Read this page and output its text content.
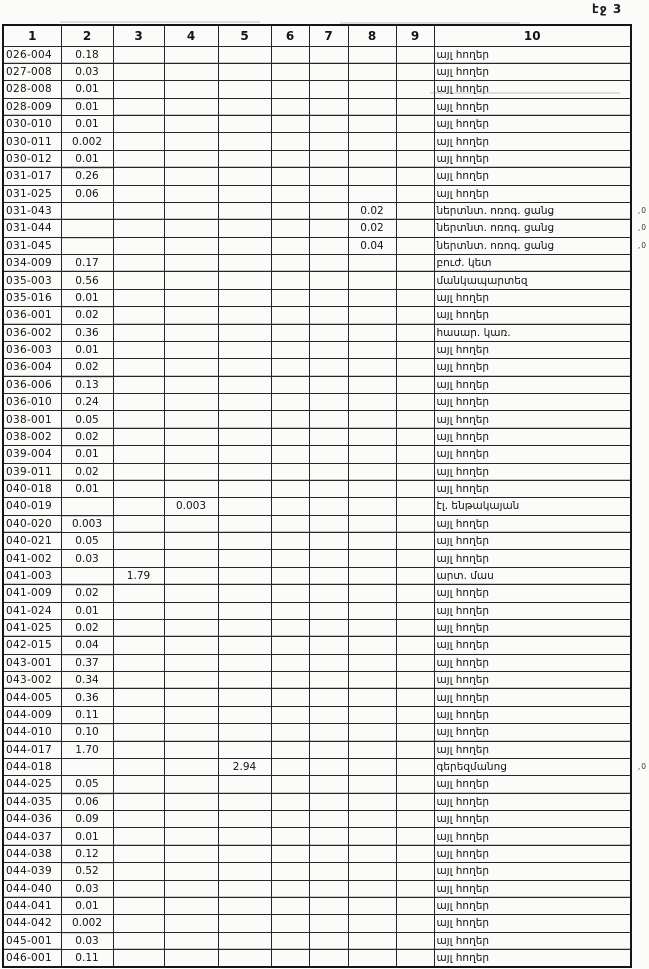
էջ 3
1	2	3	4	5	6	7	8	9	10
026-004	0.18								այլ հողեր
027-008	0.03								այլ հողեր
028-008	0.01								այլ հողեր
028-009	0.01								այլ հողեր
030-010	0.01								այլ հողեր
030-011	0.002								այլ հողեր
030-012	0.01								այլ հողեր
031-017	0.26								այլ հողեր
031-025	0.06								այլ հողեր
031-043							0.02		ներտնտ. ոռոգ. ցանց ,0

031-044							0.02		ներտնտ. ոռոգ. ցանց ,0

031-045							0.04		ներտնտ. ոռոգ. ցանց ,0

034-009	0.17								բուժ. կետ
035-003	0.56								մանկապարտեզ
035-016	0.01								այլ հողեր
036-001	0.02								այլ հողեր
036-002	0.36								հասար. կառ.
036-003	0.01								այլ հողեր
036-004	0.02								այլ հողեր
036-006	0.13								այլ հողեր
036-010	0.24								այլ հողեր
038-001	0.05								այլ հողեր
038-002	0.02								այլ հողեր
039-004	0.01								այլ հողեր
039-011	0.02								այլ հողեր
040-018	0.01								այլ հողեր
040-019			0.003						էլ. ենթակայան
040-020	0.003								այլ հողեր
040-021	0.05								այլ հողեր
041-002	0.03								այլ հողեր
041-003		1.79							արտ. մաս
041-009	0.02								այլ հողեր
041-024	0.01								այլ հողեր
041-025	0.02								այլ հողեր
042-015	0.04								այլ հողեր
043-001	0.37								այլ հողեր
043-002	0.34								այլ հողեր
044-005	0.36								այլ հողեր
044-009	0.11								այլ հողեր
044-010	0.10								այլ հողեր
044-017	1.70								այլ հողեր
044-018				2.94					գերեզմանոց ,0

044-025	0.05								այլ հողեր
044-035	0.06								այլ հողեր
044-036	0.09								այլ հողեր
044-037	0.01								այլ հողեր
044-038	0.12								այլ հողեր
044-039	0.52								այլ հողեր
044-040	0.03								այլ հողեր
044-041	0.01								այլ հողեր
044-042	0.002								այլ հողեր
045-001	0.03								այլ հողեր
046-001	0.11								այլ հողեր
